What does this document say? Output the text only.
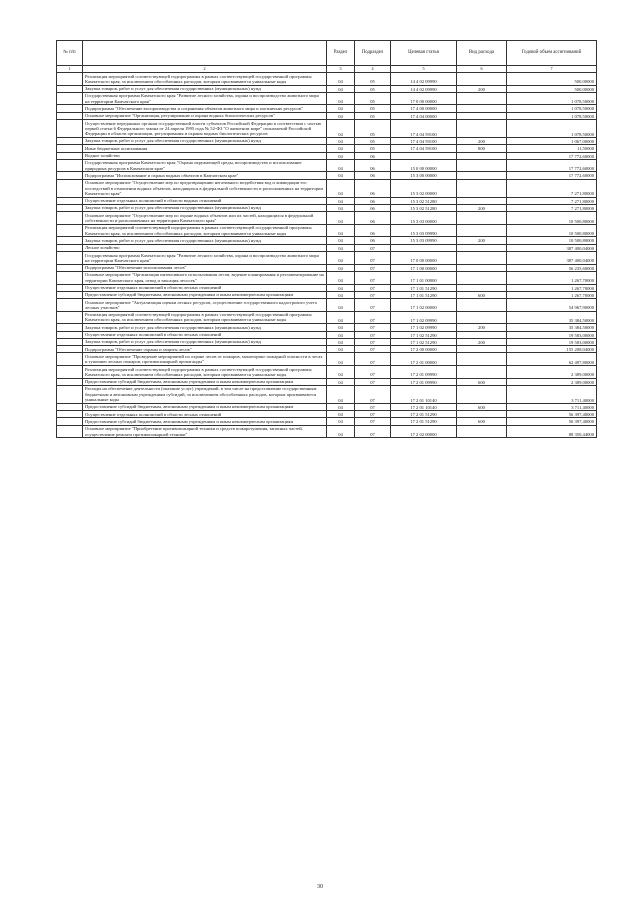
№ п/п		Раздел	Подраздел	Целевая статья	Вид расхода	Годовой объем ассигнований
1	2	3	4	5	6	7
	Реализация мероприятий соответствующей подпрограммы в рамках соответствующей государственной программы Камчатского края, за исключением обособленных расходов, которым присваиваются уникальные коды	04	05	14 4 02 09990		500,00000
	Закупка товаров, работ и услуг для обеспечения государственных (муниципальных) нужд	04	05	14 4 02 09990	200	500,00000
	Государственная программа Камчатского края "Развитие лесного хозяйства, охрана и воспроизводство животного мира на территории Камчатского края"	04	05	17 0 00 00000		1 078,50000
	Подпрограмма "Обеспечение воспроизводства и сохранения объектов животного мира и охотничьих ресурсов"	04	05	17 4 00 00000		1 078,50000
	Основное мероприятие "Организация, регулирование и охрана водных биологических ресурсов"	04	05	17 4 04 00000		1 078,50000
	Осуществление переданных органам государственной власти субъектов Российской Федерации в соответствии с частью первой статьи 6 Федерального закона от 24 апреля 1995 года № 52-ФЗ "О животном мире" полномочий Российской Федерации в области организации, регулирования и охраны водных биологических ресурсов	04	05	17 4 04 59100		1 078,50000
	Закупка товаров, работ и услуг для обеспечения государственных (муниципальных) нужд	04	05	17 4 04 59100	200	1 067,00000
	Иные бюджетные ассигнования	04	05	17 4 04 59100	800	11,50000
	Водное хозяйство	04	06			17 772,60000
	Государственная программа Камчатского края "Охрана окружающей среды, воспроизводство и использование природных ресурсов в Камчатском крае"	04	06	15 0 00 00000		17 772,60000
	Подпрограмма "Использование и охрана водных объектов в Камчатском крае"	04	06	15 3 00 00000		17 772,60000
	Основное мероприятие "Осуществление мер по предотвращению негативного воздействия вод и ликвидации его последствий в отношении водных объектов, находящихся в федеральной собственности и расположенных на территории Камчатского края"	04	06	15 3 02 00000		7 271,80000
	Осуществление отдельных полномочий в области водных отношений	04	06	15 3 02 51280		7 271,80000
	Закупка товаров, работ и услуг для обеспечения государственных (муниципальных) нужд	04	06	15 3 02 51280	200	7 271,80000
	Основное мероприятие "Осуществление мер по охране водных объектов или их частей, находящихся в федеральной собственности и расположенных на территории Камчатского края"	04	06	15 3 03 00000		10 500,80000
	Реализация мероприятий соответствующей подпрограммы в рамках соответствующей государственной программы Камчатского края, за исключением обособленных расходов, которым присваиваются уникальные коды	04	06	15 3 03 09990		10 500,80000
	Закупка товаров, работ и услуг для обеспечения государственных (муниципальных) нужд	04	06	15 3 03 09990	200	10 500,80000
	Лесное хозяйство	04	07			387 400,04000
	Государственная программа Камчатского края "Развитие лесного хозяйства, охрана и воспроизводство животного мира на территории Камчатского края"	04	07	17 0 00 00000		387 400,04000
	Подпрограмма "Обеспечение использования лесов"	04	07	17 1 00 00000		56 235,60000
	Основное мероприятие "Организация интенсивного использования лесов, ведение планирования и регламентирование на территории Камчатского края, отвод и таксация лесосек"	04	07	17 1 01 00000		1 267,70000
	Осуществление отдельных полномочий в области лесных отношений	04	07	17 1 01 51290		1 267,70000
	Предоставление субсидий бюджетным, автономным учреждениям и иным некоммерческим организациям	04	07	17 1 01 51290	600	1 267,70000
	Основное мероприятие "Актуализация оценки лесных ресурсов, осуществление государственного кадастрового учета лесных участков"	04	07	17 1 02 00000		54 967,90000
	Реализация мероприятий соответствующей подпрограммы в рамках соответствующей государственной программы Камчатского края, за исключением обособленных расходов, которым присваиваются уникальные коды	04	07	17 1 02 09990		35 384,50000
	Закупка товаров, работ и услуг для обеспечения государственных (муниципальных) нужд	04	07	17 1 02 09990	200	35 384,50000
	Осуществление отдельных полномочий в области лесных отношений	04	07	17 1 02 51290		19 583,00000
	Закупка товаров, работ и услуг для обеспечения государственных (муниципальных) нужд	04	07	17 1 02 51290	200	19 583,00000
	Подпрограмма "Обеспечение охраны и защиты лесов"	04	07	17 2 00 00000		155 208,04000
	Основное мероприятие "Проведение мероприятий по охране лесов от пожаров, мониторинг пожарной опасности в лесах и тушению лесных пожаров, противопожарной пропаганды"	04	07	17 2 01 00000		62 497,80000
	Реализация мероприятий соответствующей подпрограммы в рамках соответствующей государственной программы Камчатского края, за исключением обособленных расходов, которым присваиваются уникальные коды	04	07	17 2 01 09990		2 389,00000
	Предоставление субсидий бюджетным, автономным учреждениям и иным некоммерческим организациям	04	07	17 2 01 09990	600	2 389,00000
	Расходы на обеспечение деятельности (оказание услуг) учреждений, в том числе на предоставление государственным бюджетным и автономным учреждениям субсидий, за исключением обособленных расходов, которым присваиваются уникальные коды	04	07	17 2 01 10140		3 711,40000
	Предоставление субсидий бюджетным, автономным учреждениям и иным некоммерческим организациям	04	07	17 2 01 10140	600	3 711,40000
	Осуществление отдельных полномочий в области лесных отношений	04	07	17 2 01 51290		56 397,40000
	Предоставление субсидий бюджетным, автономным учреждениям и иным некоммерческим организациям	04	07	17 2 01 51290	600	56 397,40000
	Основное мероприятие "Приобретение противопожарной техники и средств пожаротушения, запасных частей, осуществление ремонта противопожарной техники"	04	07	17 2 02 00000		88 350,44000
30
